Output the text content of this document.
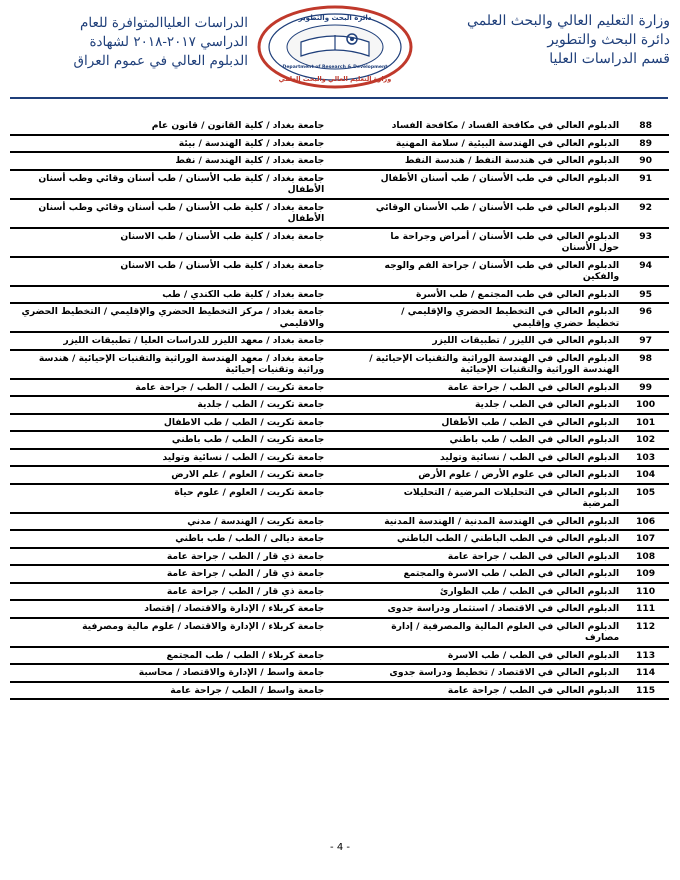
وزارة التعليم العالي والبحث العلمي
دائرة البحث والتطوير
قسم الدراسات العليا
دائرة البحث والتطوير
Department of Research & Development
وزارة التعليم العالي والبحث العلمي
الدراسات العلياالمتوافرة للعام
الدراسي ٢٠١٧-٢٠١٨ لشهادة
الدبلوم العالي في عموم العراق
جامعة بغداد / كلية القانون / قانون عام		الدبلوم العالي في مكافحة الفساد / مكافحة الفساد	88
جامعة بغداد / كلية الهندسة / بيئة		الدبلوم العالي في الهندسة البيئية / سلامة المهنية	89
جامعة بغداد / كلية الهندسة / نفط		الدبلوم العالي في هندسة النفط / هندسة النفط	90
جامعة بغداد / كلية طب الأسنان / طب أسنان وقائي وطب أسنان الأطفال		الدبلوم العالي في طب الأسنان / طب أسنان الأطفال	91
جامعة بغداد / كلية طب الأسنان / طب أسنان وقائي وطب أسنان الأطفال		الدبلوم العالي في طب الأسنان / طب الأسنان الوقائي	92
جامعة بغداد / كلية طب الأسنان / طب الاسنان		الدبلوم العالي في طب الأسنان / أمراض وجراحة ما حول الأسنان	93
جامعة بغداد / كلية طب الأسنان / طب الاسنان		الدبلوم العالي في طب الأسنان / جراحة الفم والوجه والفكين	94
جامعة بغداد / كلية طب الكندي / طب		الدبلوم العالي في طب المجتمع / طب الأسرة	95
جامعة بغداد / مركز التخطيط الحضري والإقليمي / التخطيط الحضري والاقليمي		الدبلوم العالي في التخطيط الحضري والإقليمي / تخطيط حضري وإقليمي	96
جامعة بغداد / معهد الليزر للدراسات العليا / تطبيقات الليزر		الدبلوم العالي في الليزر / تطبيقات الليزر	97
جامعة بغداد / معهد الهندسة الوراثية والتقنيات الإحيائية / هندسة وراثية وتقنيات إحيائية		الدبلوم العالي في الهندسة الوراثية والتقنيات الإحيائية / الهندسة الوراثية والتقنيات الإحيائية	98
جامعة تكريت / الطب / الطب / جراحة عامة		الدبلوم العالي في الطب / جراحة عامة	99
جامعة تكريت / الطب / جلدية		الدبلوم العالي في الطب / جلدية	100
جامعة تكريت / الطب / طب الاطفال		الدبلوم العالي في الطب / طب الأطفال	101
جامعة تكريت / الطب / طب باطني		الدبلوم العالي في الطب / طب باطني	102
جامعة تكريت / الطب / نسائية وتوليد		الدبلوم العالي في الطب / نسائية وتوليد	103
جامعة تكريت / العلوم / علم الارض		الدبلوم العالي في علوم الأرض / علوم الأرض	104
جامعة تكريت / العلوم / علوم حياة		الدبلوم العالي في التحليلات المرضية / التحليلات المرضية	105
جامعة تكريت / الهندسة / مدني		الدبلوم العالي في الهندسة المدنية / الهندسة المدنية	106
جامعة ديالى / الطب / طب باطني		الدبلوم العالي في الطب الباطني / الطب الباطني	107
جامعة ذي قار / الطب / جراحة عامة		الدبلوم العالي في الطب / جراحة عامة	108
جامعة ذي قار / الطب / جراحة عامة		الدبلوم العالي في الطب / طب الاسرة والمجتمع	109
جامعة ذي قار / الطب / جراحة عامة		الدبلوم العالي في الطب / طب الطوارئ	110
جامعة كربلاء / الإدارة والاقتصاد / إقتصاد		الدبلوم العالي في الاقتصاد / استثمار ودراسة جدوى	111
جامعة كربلاء / الإدارة والاقتصاد / علوم مالية ومصرفية		الدبلوم العالي في العلوم المالية والمصرفية / إدارة مصارف	112
جامعة كربلاء / الطب / طب المجتمع		الدبلوم العالي في الطب / طب الاسرة	113
جامعة واسط / الإدارة والاقتصاد / محاسبة		الدبلوم العالي في الاقتصاد / تخطيط ودراسة جدوى	114
جامعة واسط / الطب / جراحة عامة		الدبلوم العالي في الطب / جراحة عامة	115
- 4 -
